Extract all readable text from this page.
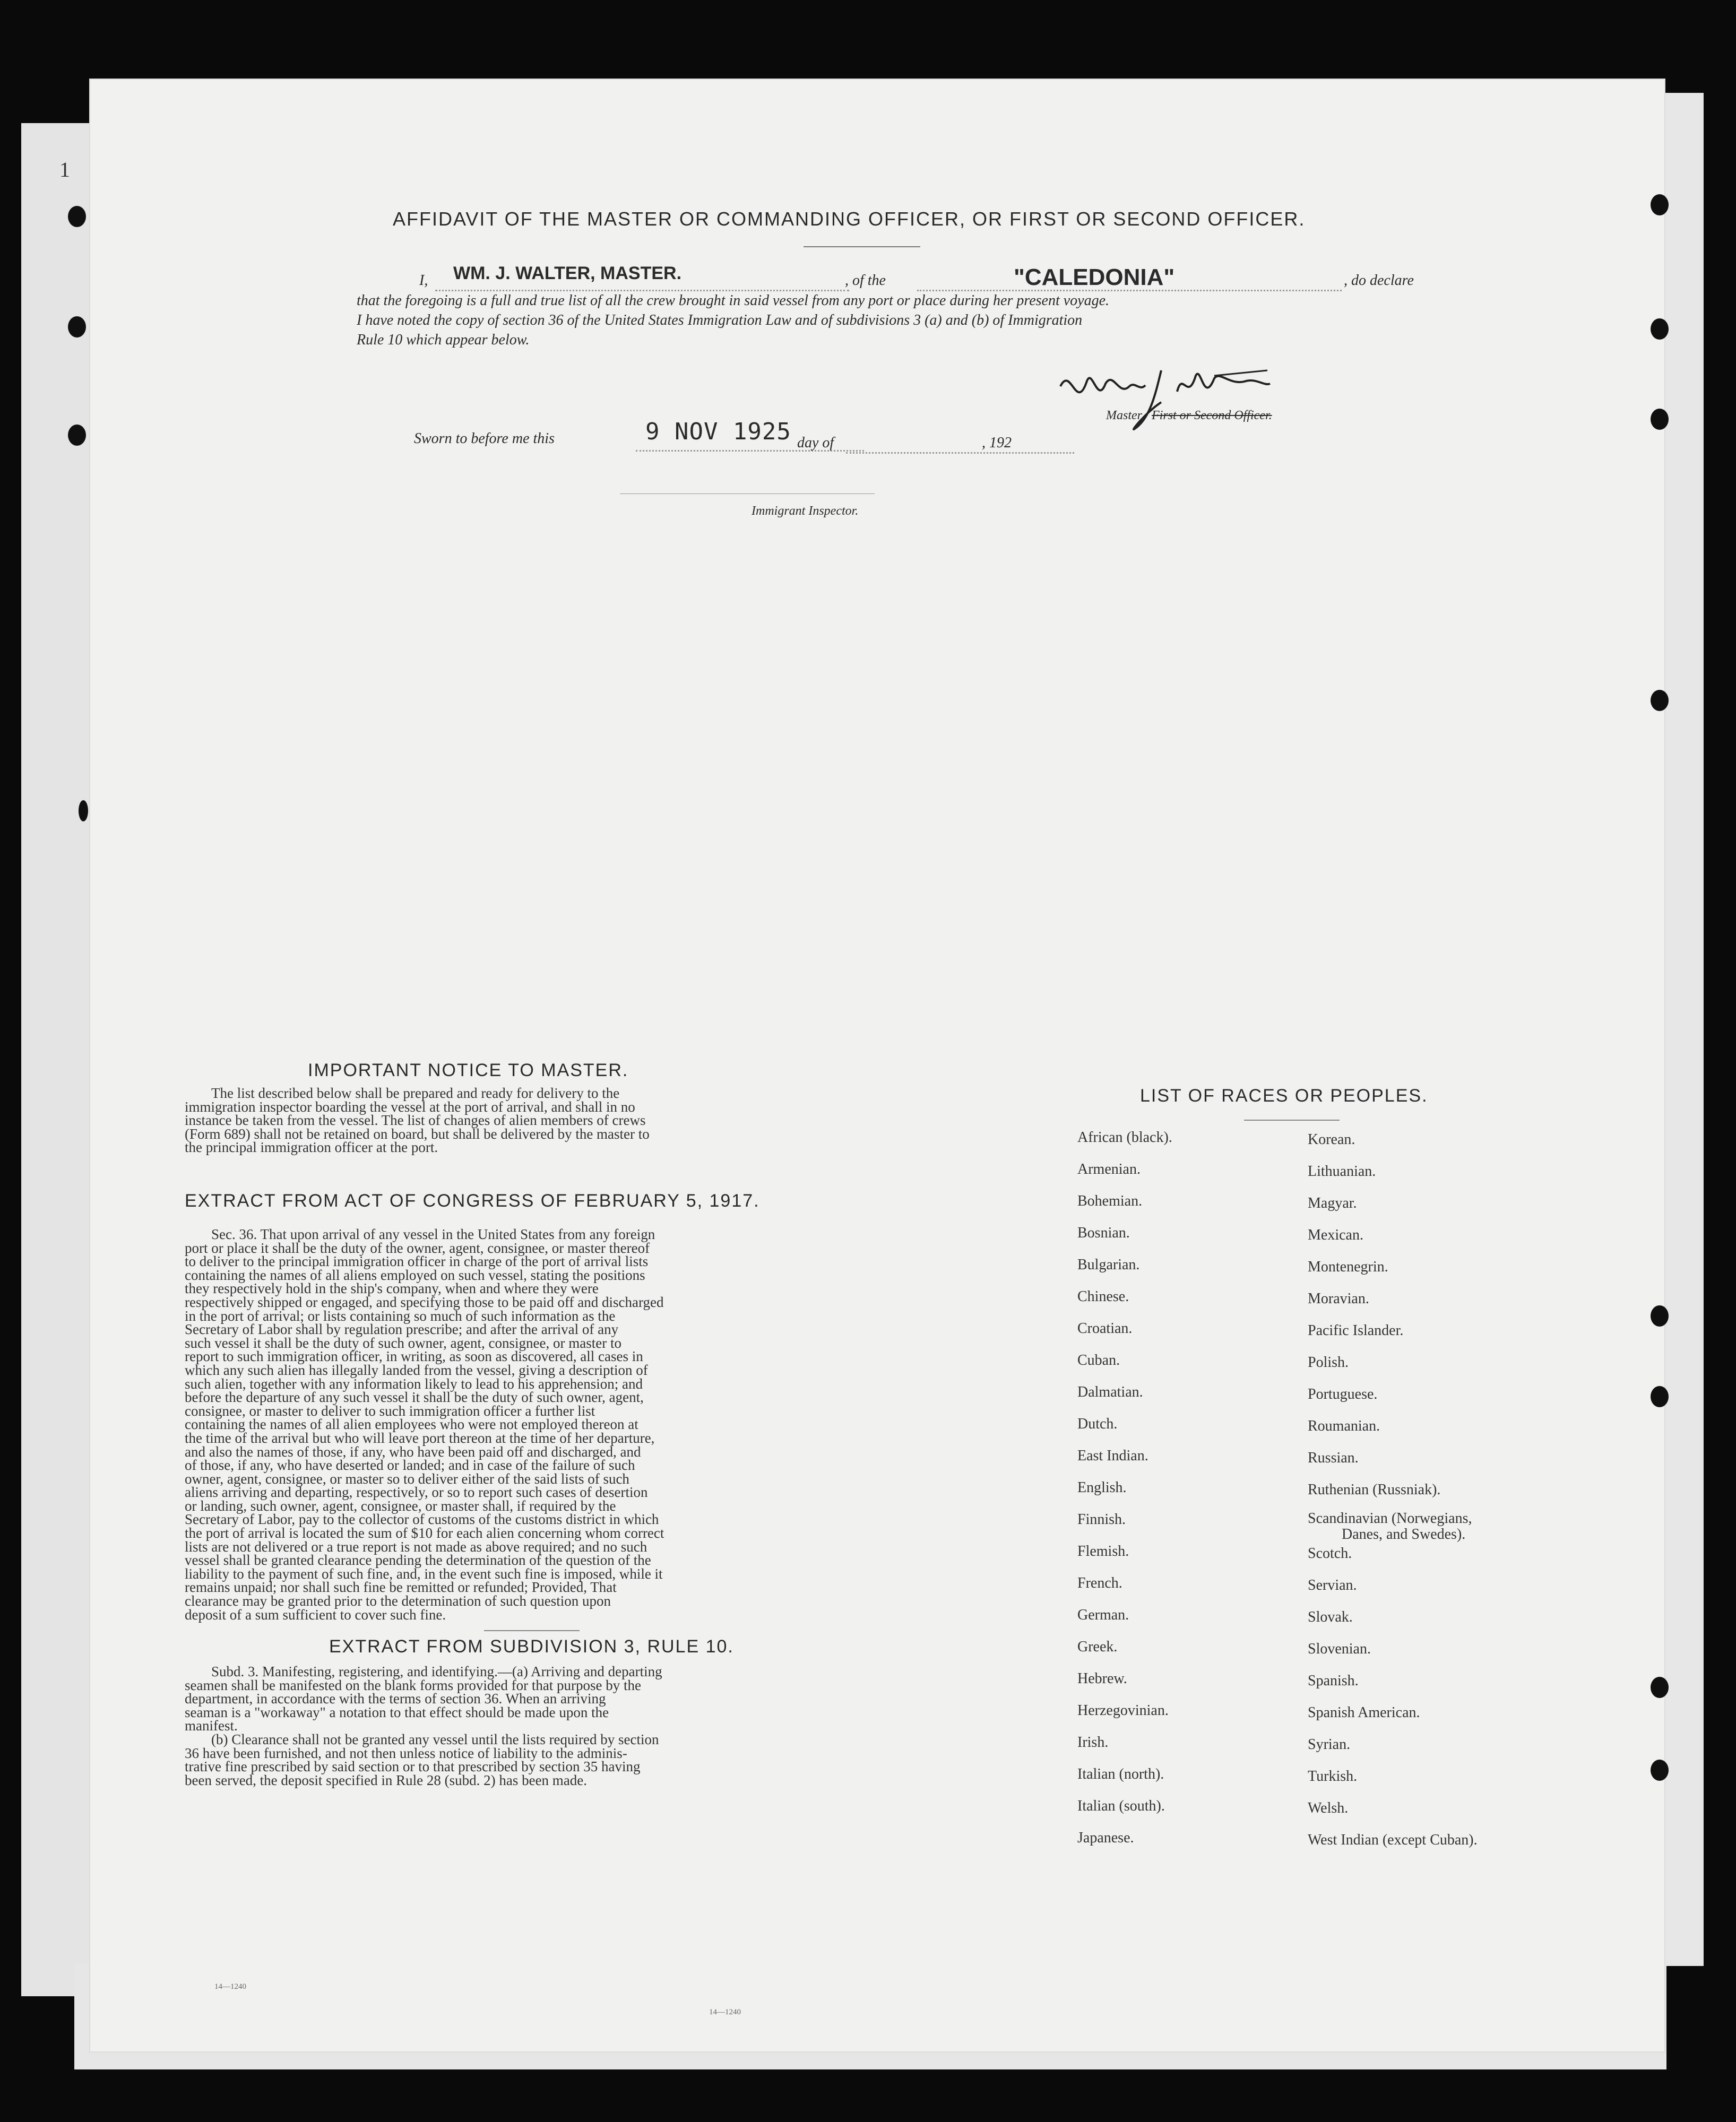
1
AFFIDAVIT OF THE MASTER OR COMMANDING OFFICER, OR FIRST OR SECOND OFFICER.
I, WM. J. WALTER, MASTER.	, of the	"CALEDONIA"	, do declare
that the foregoing is a full and true list of all the crew brought in said vessel from any port or place during her present voyage.
I have noted the copy of section 36 of the United States Immigration Law and of subdivisions 3 (a) and (b) of Immigration
Rule 10 which appear below.
Master, First or Second Officer.
Sworn to before me this	9 NOV 1925 day of	, 192
Immigrant Inspector.
IMPORTANT NOTICE TO MASTER.
The list described below shall be prepared and ready for delivery to the
immigration inspector boarding the vessel at the port of arrival, and shall in no
instance be taken from the vessel. The list of changes of alien members of crews
(Form 689) shall not be retained on board, but shall be delivered by the master to
the principal immigration officer at the port.
EXTRACT FROM ACT OF CONGRESS OF FEBRUARY 5, 1917.
Sec. 36. That upon arrival of any vessel in the United States from any foreign
port or place it shall be the duty of the owner, agent, consignee, or master thereof
to deliver to the principal immigration officer in charge of the port of arrival lists
containing the names of all aliens employed on such vessel, stating the positions
they respectively hold in the ship's company, when and where they were
respectively shipped or engaged, and specifying those to be paid off and discharged
in the port of arrival; or lists containing so much of such information as the
Secretary of Labor shall by regulation prescribe; and after the arrival of any
such vessel it shall be the duty of such owner, agent, consignee, or master to
report to such immigration officer, in writing, as soon as discovered, all cases in
which any such alien has illegally landed from the vessel, giving a description of
such alien, together with any information likely to lead to his apprehension; and
before the departure of any such vessel it shall be the duty of such owner, agent,
consignee, or master to deliver to such immigration officer a further list
containing the names of all alien employees who were not employed thereon at
the time of the arrival but who will leave port thereon at the time of her departure,
and also the names of those, if any, who have been paid off and discharged, and
of those, if any, who have deserted or landed; and in case of the failure of such
owner, agent, consignee, or master so to deliver either of the said lists of such
aliens arriving and departing, respectively, or so to report such cases of desertion
or landing, such owner, agent, consignee, or master shall, if required by the
Secretary of Labor, pay to the collector of customs of the customs district in which
the port of arrival is located the sum of $10 for each alien concerning whom correct
lists are not delivered or a true report is not made as above required; and no such
vessel shall be granted clearance pending the determination of the question of the
liability to the payment of such fine, and, in the event such fine is imposed, while it
remains unpaid; nor shall such fine be remitted or refunded; Provided, That
clearance may be granted prior to the determination of such question upon
deposit of a sum sufficient to cover such fine.
EXTRACT FROM SUBDIVISION 3, RULE 10.
Subd. 3. Manifesting, registering, and identifying.—(a) Arriving and departing
seamen shall be manifested on the blank forms provided for that purpose by the
department, in accordance with the terms of section 36. When an arriving
seaman is a "workaway" a notation to that effect should be made upon the
manifest.
(b) Clearance shall not be granted any vessel until the lists required by section
36 have been furnished, and not then unless notice of liability to the adminis-
trative fine prescribed by said section or to that prescribed by section 35 having
been served, the deposit specified in Rule 28 (subd. 2) has been made.
14—1240
14—1240
LIST OF RACES OR PEOPLES.
African (black).
Armenian.
Bohemian.
Bosnian.
Bulgarian.
Chinese.
Croatian.
Cuban.
Dalmatian.
Dutch.
East Indian.
English.
Finnish.
Flemish.
French.
German.
Greek.
Hebrew.
Herzegovinian.
Irish.
Italian (north).
Italian (south).
Japanese.
Korean.
Lithuanian.
Magyar.
Mexican.
Montenegrin.
Moravian.
Pacific Islander.
Polish.
Portuguese.
Roumanian.
Russian.
Ruthenian (Russniak).
Scandinavian (Norwegians,
Danes, and Swedes).
Scotch.
Servian.
Slovak.
Slovenian.
Spanish.
Spanish American.
Syrian.
Turkish.
Welsh.
West Indian (except Cuban).
